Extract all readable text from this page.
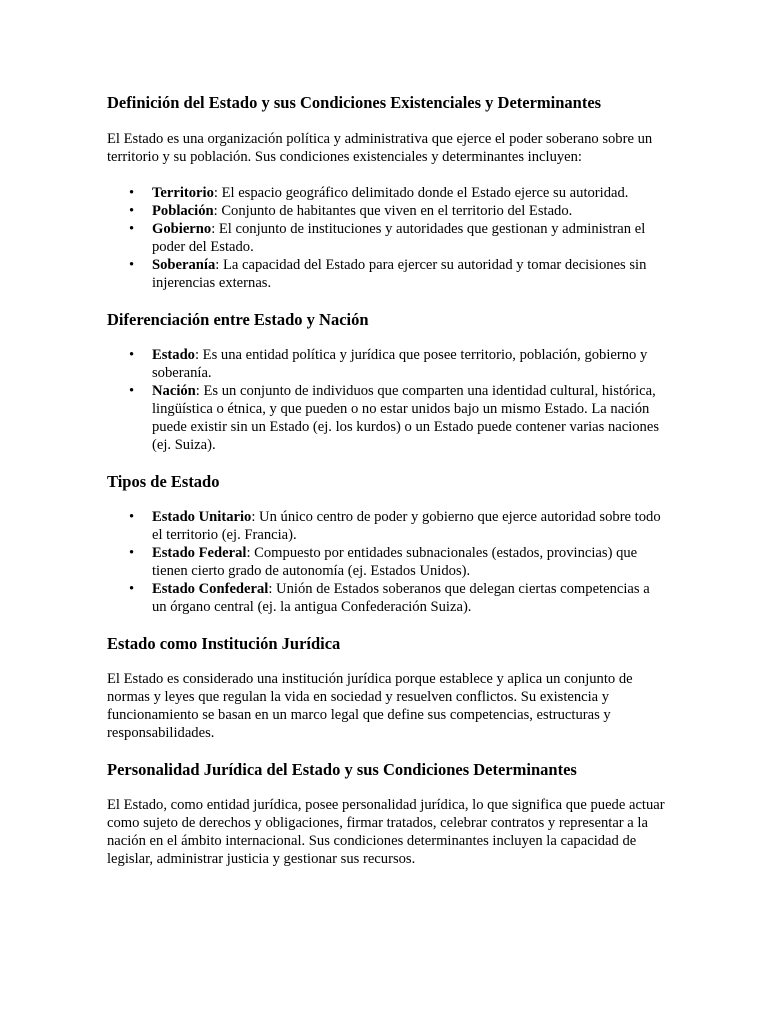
Definición del Estado y sus Condiciones Existenciales y Determinantes

El Estado es una organización política y administrativa que ejerce el poder soberano sobre un territorio y su población. Sus condiciones existenciales y determinantes incluyen:

• Territorio: El espacio geográfico delimitado donde el Estado ejerce su autoridad.
• Población: Conjunto de habitantes que viven en el territorio del Estado.
• Gobierno: El conjunto de instituciones y autoridades que gestionan y administran el poder del Estado.
• Soberanía: La capacidad del Estado para ejercer su autoridad y tomar decisiones sin injerencias externas.
Diferenciación entre Estado y Nación
• Estado: Es una entidad política y jurídica que posee territorio, población, gobierno y soberanía.
• Nación: Es un conjunto de individuos que comparten una identidad cultural, histórica, lingüística o étnica, y que pueden o no estar unidos bajo un mismo Estado. La nación puede existir sin un Estado (ej. los kurdos) o un Estado puede contener varias naciones (ej. Suiza).
Tipos de Estado
• Estado Unitario: Un único centro de poder y gobierno que ejerce autoridad sobre todo el territorio (ej. Francia).
• Estado Federal: Compuesto por entidades subnacionales (estados, provincias) que tienen cierto grado de autonomía (ej. Estados Unidos).
• Estado Confederal: Unión de Estados soberanos que delegan ciertas competencias a un órgano central (ej. la antigua Confederación Suiza).
Estado como Institución Jurídica

El Estado es considerado una institución jurídica porque establece y aplica un conjunto de normas y leyes que regulan la vida en sociedad y resuelven conflictos. Su existencia y funcionamiento se basan en un marco legal que define sus competencias, estructuras y responsabilidades.

Personalidad Jurídica del Estado y sus Condiciones Determinantes

El Estado, como entidad jurídica, posee personalidad jurídica, lo que significa que puede actuar como sujeto de derechos y obligaciones, firmar tratados, celebrar contratos y representar a la nación en el ámbito internacional. Sus condiciones determinantes incluyen la capacidad de legislar, administrar justicia y gestionar sus recursos.
